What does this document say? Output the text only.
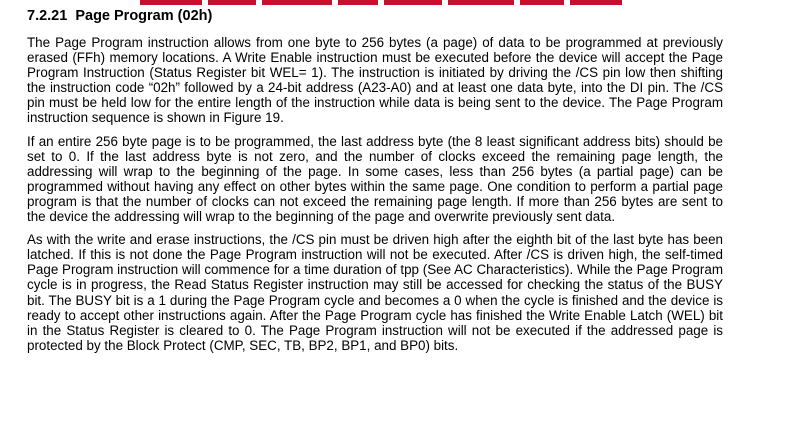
7.2.21 Page Program (02h)

The Page Program instruction allows from one byte to 256 bytes (a page) of data to be programmed at previously erased (FFh) memory locations. A Write Enable instruction must be executed before the device will accept the Page Program Instruction (Status Register bit WEL= 1). The instruction is initiated by driving the /CS pin low then shifting the instruction code “02h” followed by a 24-bit address (A23-A0) and at least one data byte, into the DI pin. The /CS pin must be held low for the entire length of the instruction while data is being sent to the device. The Page Program instruction sequence is shown in Figure 19.

If an entire 256 byte page is to be programmed, the last address byte (the 8 least significant address bits) should be set to 0. If the last address byte is not zero, and the number of clocks exceed the remaining page length, the addressing will wrap to the beginning of the page. In some cases, less than 256 bytes (a partial page) can be programmed without having any effect on other bytes within the same page. One condition to perform a partial page program is that the number of clocks can not exceed the remaining page length. If more than 256 bytes are sent to the device the addressing will wrap to the beginning of the page and overwrite previously sent data.

As with the write and erase instructions, the /CS pin must be driven high after the eighth bit of the last byte has been latched. If this is not done the Page Program instruction will not be executed. After /CS is driven high, the self-timed Page Program instruction will commence for a time duration of tpp (See AC Characteristics). While the Page Program cycle is in progress, the Read Status Register instruction may still be accessed for checking the status of the BUSY bit. The BUSY bit is a 1 during the Page Program cycle and becomes a 0 when the cycle is finished and the device is ready to accept other instructions again. After the Page Program cycle has finished the Write Enable Latch (WEL) bit in the Status Register is cleared to 0. The Page Program instruction will not be executed if the addressed page is protected by the Block Protect (CMP, SEC, TB, BP2, BP1, and BP0) bits.
